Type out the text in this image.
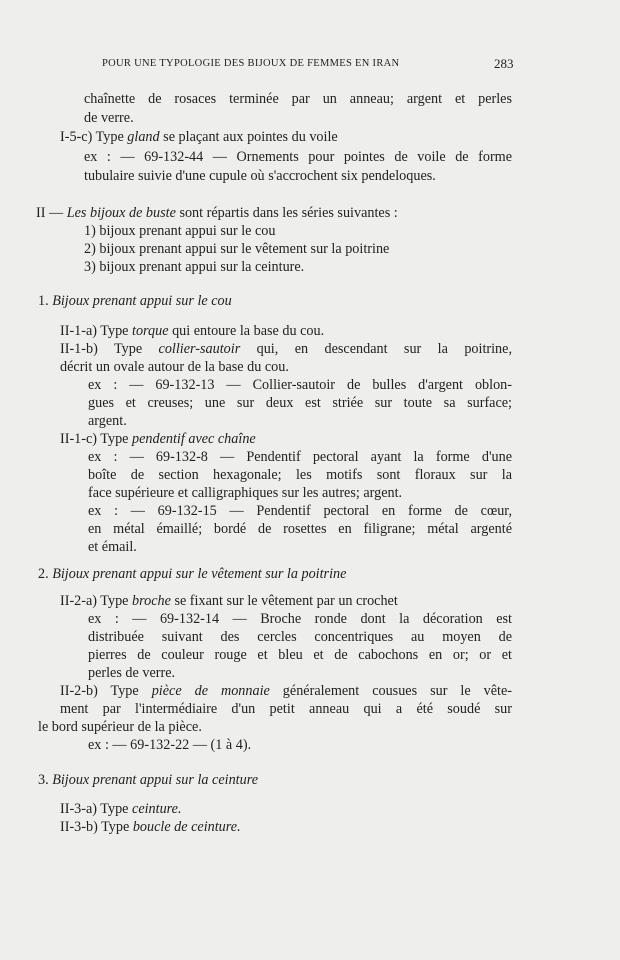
POUR UNE TYPOLOGIE DES BIJOUX DE FEMMES EN IRAN	283
chaînette de rosaces terminée par un anneau; argent et perles
de verre.
I-5-c) Type gland se plaçant aux pointes du voile
ex : — 69-132-44 — Ornements pour pointes de voile de forme
tubulaire suivie d'une cupule où s'accrochent six pendeloques.
II — Les bijoux de buste sont répartis dans les séries suivantes :
1) bijoux prenant appui sur le cou
2) bijoux prenant appui sur le vêtement sur la poitrine
3) bijoux prenant appui sur la ceinture.
1. Bijoux prenant appui sur le cou
II-1-a) Type torque qui entoure la base du cou.
II-1-b) Type collier-sautoir qui, en descendant sur la poitrine,
décrit un ovale autour de la base du cou.
ex : — 69-132-13 — Collier-sautoir de bulles d'argent oblon-
gues et creuses; une sur deux est striée sur toute sa surface;
argent.
II-1-c) Type pendentif avec chaîne
ex : — 69-132-8 — Pendentif pectoral ayant la forme d'une
boîte de section hexagonale; les motifs sont floraux sur la
face supérieure et calligraphiques sur les autres; argent.
ex : — 69-132-15 — Pendentif pectoral en forme de cœur,
en métal émaillé; bordé de rosettes en filigrane; métal argenté
et émail.
2. Bijoux prenant appui sur le vêtement sur la poitrine
II-2-a) Type broche se fixant sur le vêtement par un crochet
ex : — 69-132-14 — Broche ronde dont la décoration est
distribuée suivant des cercles concentriques au moyen de
pierres de couleur rouge et bleu et de cabochons en or; or et
perles de verre.
II-2-b) Type pièce de monnaie généralement cousues sur le vête-
ment par l'intermédiaire d'un petit anneau qui a été soudé sur
le bord supérieur de la pièce.
ex : — 69-132-22 — (1 à 4).
3. Bijoux prenant appui sur la ceinture
II-3-a) Type ceinture.
II-3-b) Type boucle de ceinture.
